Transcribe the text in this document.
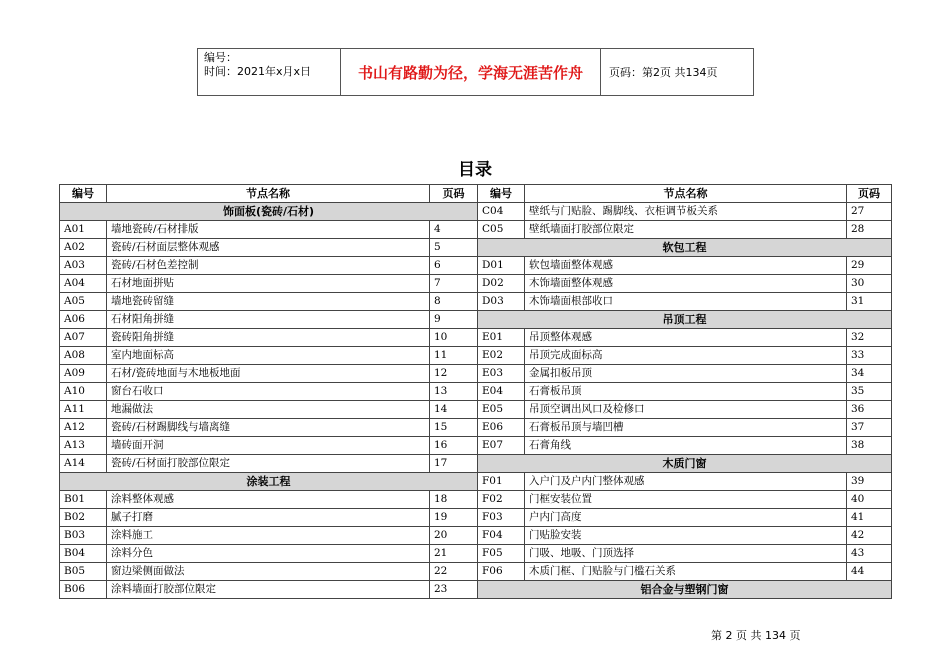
编号：
时间：2021年x月x日	书山有路勤为径，学海无涯苦作舟	页码：第2页 共134页
目录
编号	节点名称	页码	编号	节点名称	页码
饰面板(瓷砖/石材)			C04	壁纸与门贴脸、踢脚线、衣柜调节板关系	27
A01	墙地瓷砖/石材排版	4	C05	壁纸墙面打胶部位限定	28
A02	瓷砖/石材面层整体观感	5	软包工程		
A03	瓷砖/石材色差控制	6	D01	软包墙面整体观感	29
A04	石材地面拼贴	7	D02	木饰墙面整体观感	30
A05	墙地瓷砖留缝	8	D03	木饰墙面根部收口	31
A06	石材阳角拼缝	9	吊顶工程		
A07	瓷砖阳角拼缝	10	E01	吊顶整体观感	32
A08	室内地面标高	11	E02	吊顶完成面标高	33
A09	石材/瓷砖地面与木地板地面	12	E03	金属扣板吊顶	34
A10	窗台石收口	13	E04	石膏板吊顶	35
A11	地漏做法	14	E05	吊顶空调出风口及检修口	36
A12	瓷砖/石材踢脚线与墙离缝	15	E06	石膏板吊顶与墙凹槽	37
A13	墙砖面开洞	16	E07	石膏角线	38
A14	瓷砖/石材面打胶部位限定	17	木质门窗		
涂装工程			F01	入户门及户内门整体观感	39
B01	涂料整体观感	18	F02	门框安装位置	40
B02	腻子打磨	19	F03	户内门高度	41
B03	涂料施工	20	F04	门贴脸安装	42
B04	涂料分色	21	F05	门吸、地吸、门顶选择	43
B05	窗边梁侧面做法	22	F06	木质门框、门贴脸与门槛石关系	44
B06	涂料墙面打胶部位限定	23	铝合金与塑钢门窗		
第 2 页 共 134 页
